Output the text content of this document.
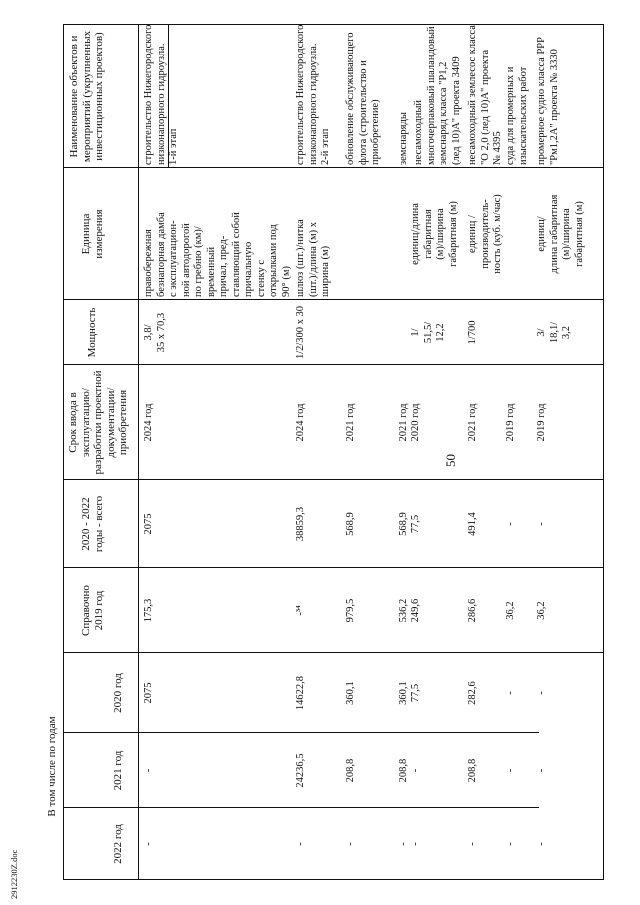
50
2912230Z.doc
Наименование объектов и мероприятий (укрупненных инвестиционных проектов)
Единица измерения
Мощность
Срок ввода в эксплуатацию/ разработки проектной документации/ приобретения
2020 - 2022 годы - всего
Справочно 2019 год
В том числе по годам
2020 год
2021 год
2022 год
строительство Нижегородского низконапорного гидроузла. 1-й этап
правобережная безнапорная дамба с эксплуатацион- ной автодорогой по гребню (км)/ временный причал, пред- ставляющий собой причальную стенку с открылками под 90° (м)
3,8/ 35 x 70,3
2024 год
2075
175,3
2075
-
-
строительство Нижегородского низконапорного гидроузла. 2-й этап
шлюз (шт.)/нитка (шт.)/длина (м) х ширина (м)
1/2/300 х 30
2024 год
38859,3
-³⁴
14622,8
24236,5
-
обновление обслуживающего флота (строительство и приобретение)
2021 год
568,9
979,5
360,1
208,8
-
земснаряды
2021 год
568,9
536,2
360,1
208,8
-
несамоходный многочерпаковый шаландовый земснаряд класса "Р1,2 (лед 10)А" проекта 3409
единиц/длина габаритная (м)/ширина габаритная (м)
1/ 51,5/ 12,2
2020 год
77,5
249,6
77,5
-
-
несамоходный землесос класса "О 2,0 (лед 10)А" проекта № 4395
единиц / производитель- ность (куб. м/час)
1/700
2021 год
491,4
286,6
282,6
208,8
-
суда для промерных и изыскательских работ
2019 год
-
36,2
-
-
-
промерное судно класса РРР "Рм1,2А" проекта № 3330
единиц/ длина габаритная (м)/ширина габаритная (м)
3/ 18,1/ 3,2
2019 год
-
36,2
-
-
-
